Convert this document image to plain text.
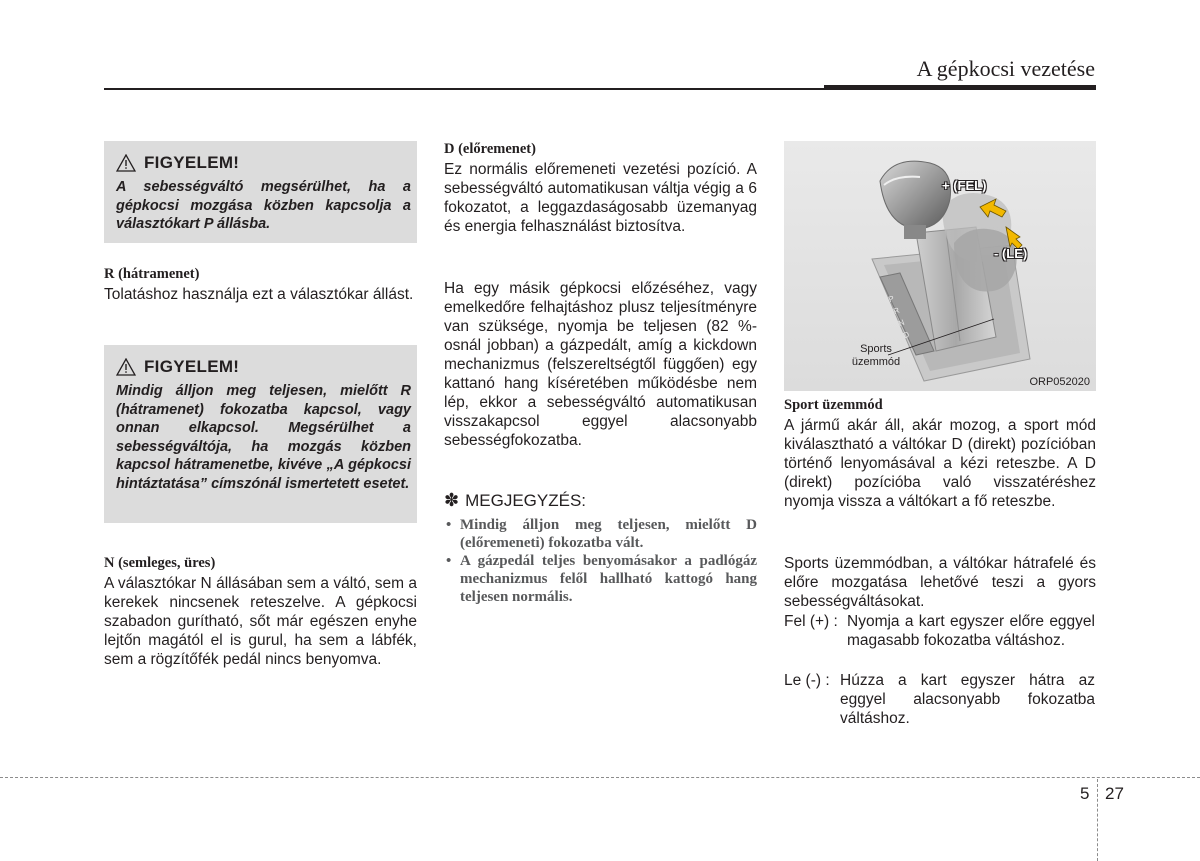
A gépkocsi vezetése
FIGYELEM!
A sebességváltó megsérülhet, ha a gépkocsi mozgása közben kapcsolja a választókart P állásba.
R (hátramenet)
Tolatáshoz használja ezt a választókar állást.
FIGYELEM!
Mindig álljon meg teljesen, mielőtt R (hátramenet) fokozatba kapcsol, vagy onnan elkapcsol. Megsérülhet a sebességváltója, ha mozgás közben kapcsol hátramenetbe, kivéve „A gépkocsi hintáztatása” címszónál ismertetett esetet.
N (semleges, üres)
A választókar N állásában sem a váltó, sem a kerekek nincsenek reteszelve. A gépkocsi szabadon gurítható, sőt már egészen enyhe lejtőn magától el is gurul, ha sem a lábfék, sem a rögzítőfék pedál nincs benyomva.
D (előremenet)
Ez normális előremeneti vezetési pozíció. A sebességváltó automatikusan váltja végig a 6 fokozatot, a leggazdaságosabb üzemanyag és energia felhasználást biztosítva.
Ha egy másik gépkocsi előzéséhez, vagy emelkedőre felhajtáshoz plusz teljesítményre van szüksége, nyomja be teljesen (82 %-osnál jobban) a gázpedált, amíg a kickdown mechanizmus (felszereltségtől függően) egy kattanó hang kíséretében működésbe nem lép, ekkor a sebességváltó automatikusan visszakapcsol eggyel alacsonyabb sebességfokozatba.
✽ MEGJEGYZÉS:
• Mindig álljon meg teljesen, mielőtt D (előremeneti) fokozatba vált.
• A gázpedál teljes benyomásakor a padlógáz mechanizmus felől hallható kattogó hang teljesen normális.
+ (FEL)
- (LE)
P
R
N
D
Sports üzemmód
ORP052020
Sport üzemmód
A jármű akár áll, akár mozog, a sport mód kiválasztható a váltókar D (direkt) pozícióban történő lenyomásával a kézi reteszbe. A D (direkt) pozícióba való visszatéréshez nyomja vissza a váltókart a fő reteszbe.
Sports üzemmódban, a váltókar hátrafelé és előre mozgatása lehetővé teszi a gyors sebességváltásokat.
Fel (+) : Nyomja a kart egyszer előre eggyel magasabb fokozatba váltáshoz.
Le (-) : Húzza a kart egyszer hátra az eggyel alacsonyabb fokozatba váltáshoz.
5 27
